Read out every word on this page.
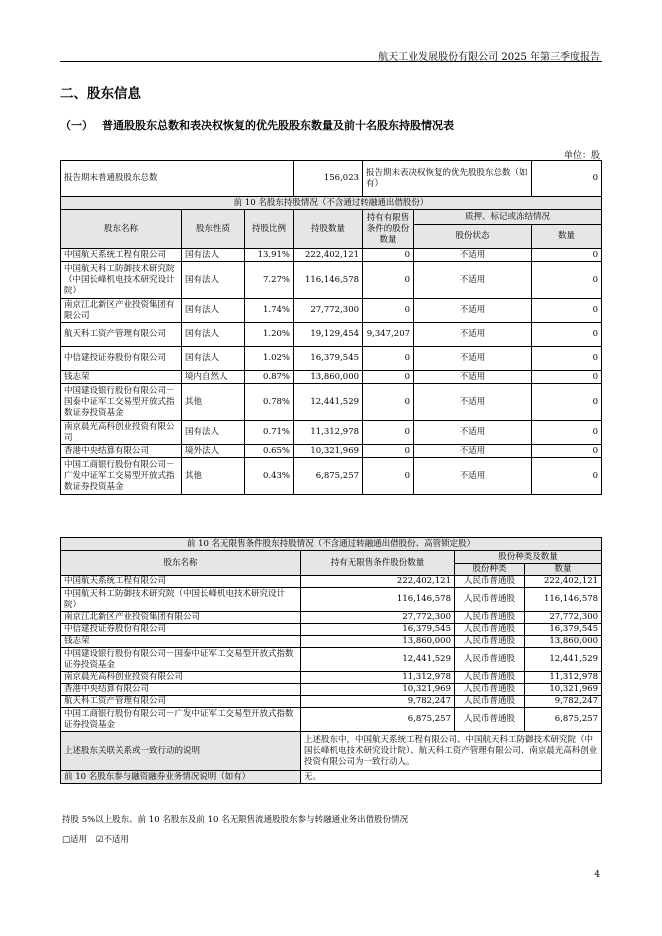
航天工业发展股份有限公司 2025 年第三季度报告
二、股东信息
（一） 普通股股东总数和表决权恢复的优先股股东数量及前十名股东持股情况表
单位：股
报告期末普通股股东总数			156,023	报告期末表决权恢复的优先股股东总数（如有）		0
前 10 名股东持股情况（不含通过转融通出借股份）						
股东名称	股东性质	持股比例	持股数量	持有有限售条件的股份数量	质押、标记或冻结情况	
					股份状态	数量
中国航天系统工程有限公司	国有法人	13.91%	222,402,121	0	不适用	0
中国航天科工防御技术研究院（中国长峰机电技术研究设计院）	国有法人	7.27%	116,146,578	0	不适用	0
南京江北新区产业投资集团有限公司	国有法人	1.74%	27,772,300	0	不适用	0
航天科工资产管理有限公司	国有法人	1.20%	19,129,454	9,347,207	不适用	0
中信建投证券股份有限公司	国有法人	1.02%	16,379,545	0	不适用	0
钱志荣	境内自然人	0.87%	13,860,000	0	不适用	0
中国建设银行股份有限公司－国泰中证军工交易型开放式指数证券投资基金	其他	0.78%	12,441,529	0	不适用	0
南京晨光高科创业投资有限公司	国有法人	0.71%	11,312,978	0	不适用	0
香港中央结算有限公司	境外法人	0.65%	10,321,969	0	不适用	0
中国工商银行股份有限公司－广发中证军工交易型开放式指数证券投资基金	其他	0.43%	6,875,257	0	不适用	0
前 10 名无限售条件股东持股情况（不含通过转融通出借股份、高管锁定股）			
股东名称	持有无限售条件股份数量	股份种类及数量	
		股份种类	数量
中国航天系统工程有限公司	222,402,121	人民币普通股	222,402,121
中国航天科工防御技术研究院（中国长峰机电技术研究设计院）	116,146,578	人民币普通股	116,146,578
南京江北新区产业投资集团有限公司	27,772,300	人民币普通股	27,772,300
中信建投证券股份有限公司	16,379,545	人民币普通股	16,379,545
钱志荣	13,860,000	人民币普通股	13,860,000
中国建设银行股份有限公司－国泰中证军工交易型开放式指数证券投资基金	12,441,529	人民币普通股	12,441,529
南京晨光高科创业投资有限公司	11,312,978	人民币普通股	11,312,978
香港中央结算有限公司	10,321,969	人民币普通股	10,321,969
航天科工资产管理有限公司	9,782,247	人民币普通股	9,782,247
中国工商银行股份有限公司－广发中证军工交易型开放式指数证券投资基金	6,875,257	人民币普通股	6,875,257
上述股东关联关系或一致行动的说明	上述股东中，中国航天系统工程有限公司、中国航天科工防御技术研究院（中国长峰机电技术研究设计院）、航天科工资产管理有限公司、南京晨光高科创业投资有限公司为一致行动人。		
前 10 名股东参与融资融券业务情况说明（如有）	无。		
持股 5%以上股东、前 10 名股东及前 10 名无限售流通股股东参与转融通业务出借股份情况
□适用 ☑不适用
4
